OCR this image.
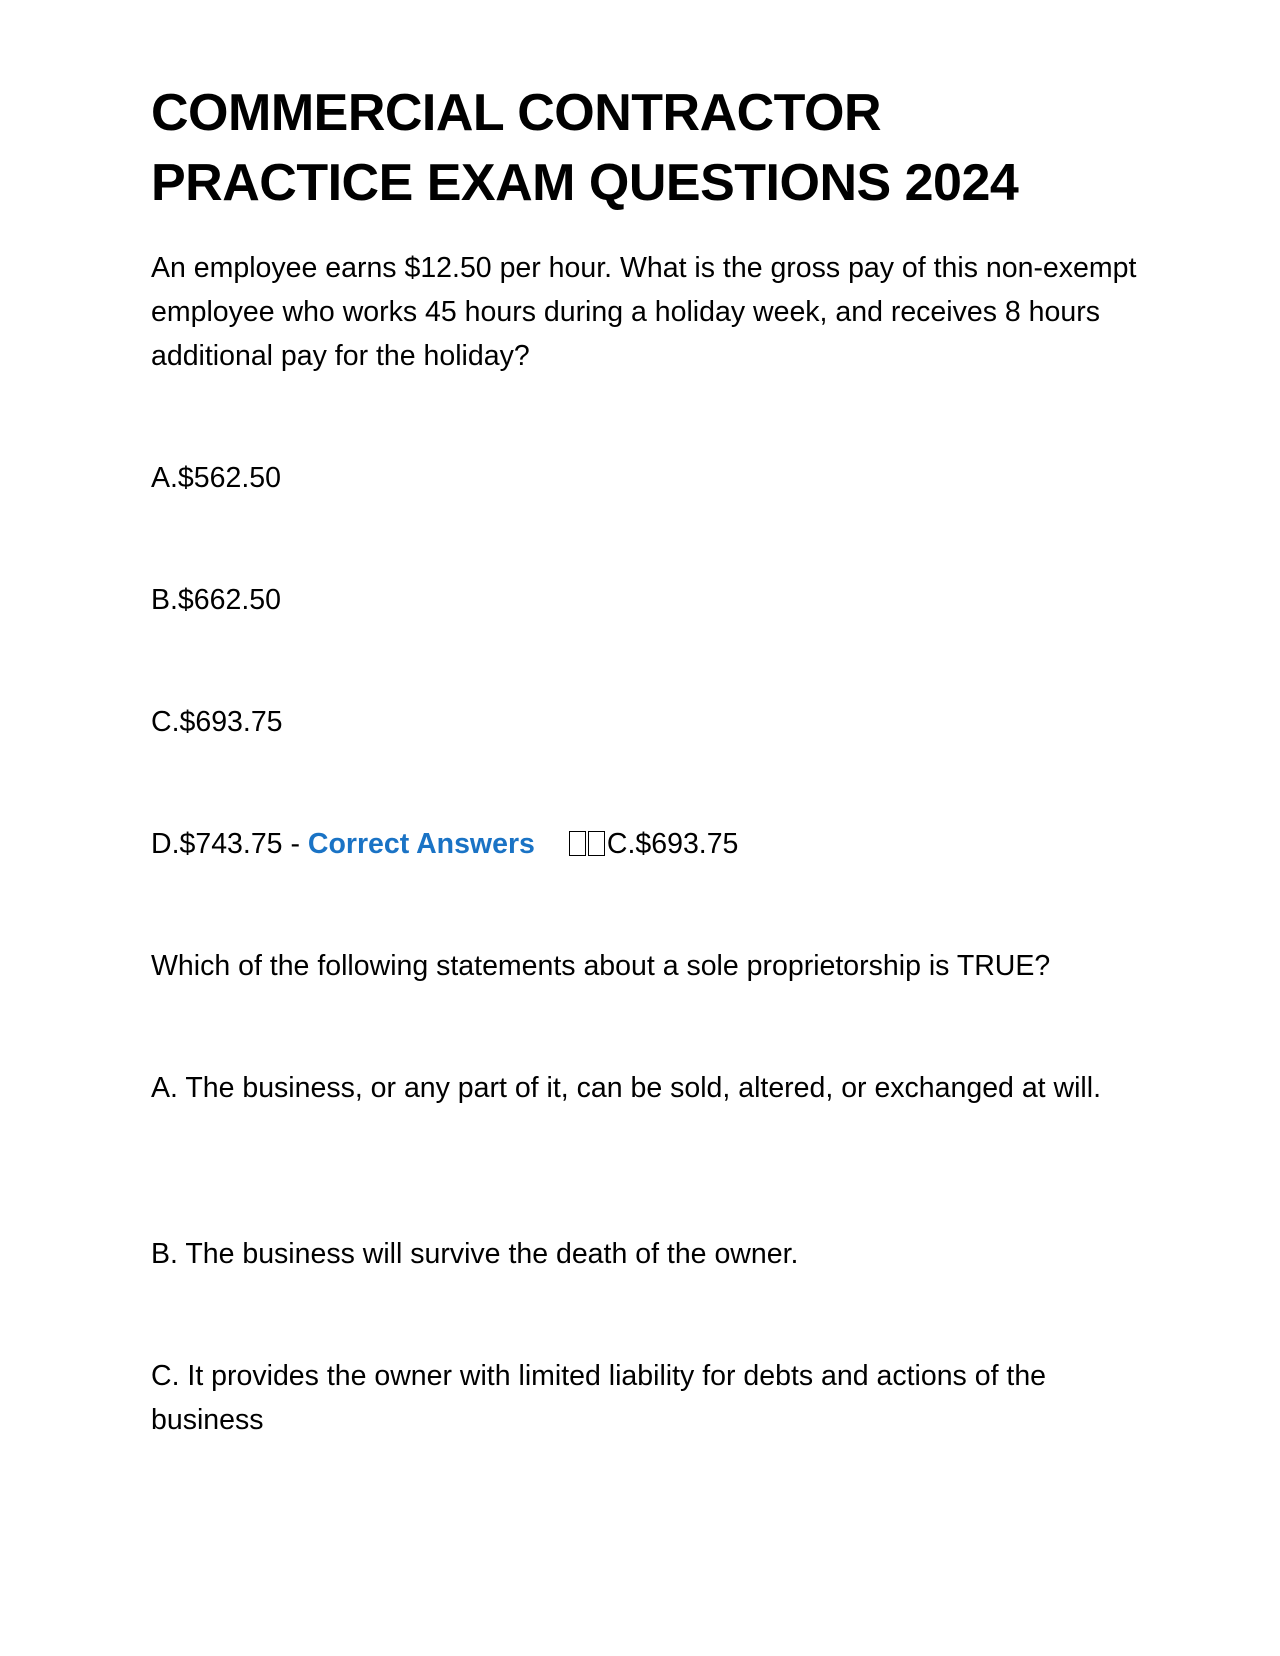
COMMERCIAL CONTRACTOR PRACTICE EXAM QUESTIONS 2024

An employee earns $12.50 per hour. What is the gross pay of this non-exempt employee who works 45 hours during a holiday week, and receives 8 hours additional pay for the holiday?

A.$562.50

B.$662.50

C.$693.75

D.$743.75 - Correct Answers	C.$693.75

Which of the following statements about a sole proprietorship is TRUE?

A. The business, or any part of it, can be sold, altered, or exchanged at will.

B. The business will survive the death of the owner.

C. It provides the owner with limited liability for debts and actions of the business
